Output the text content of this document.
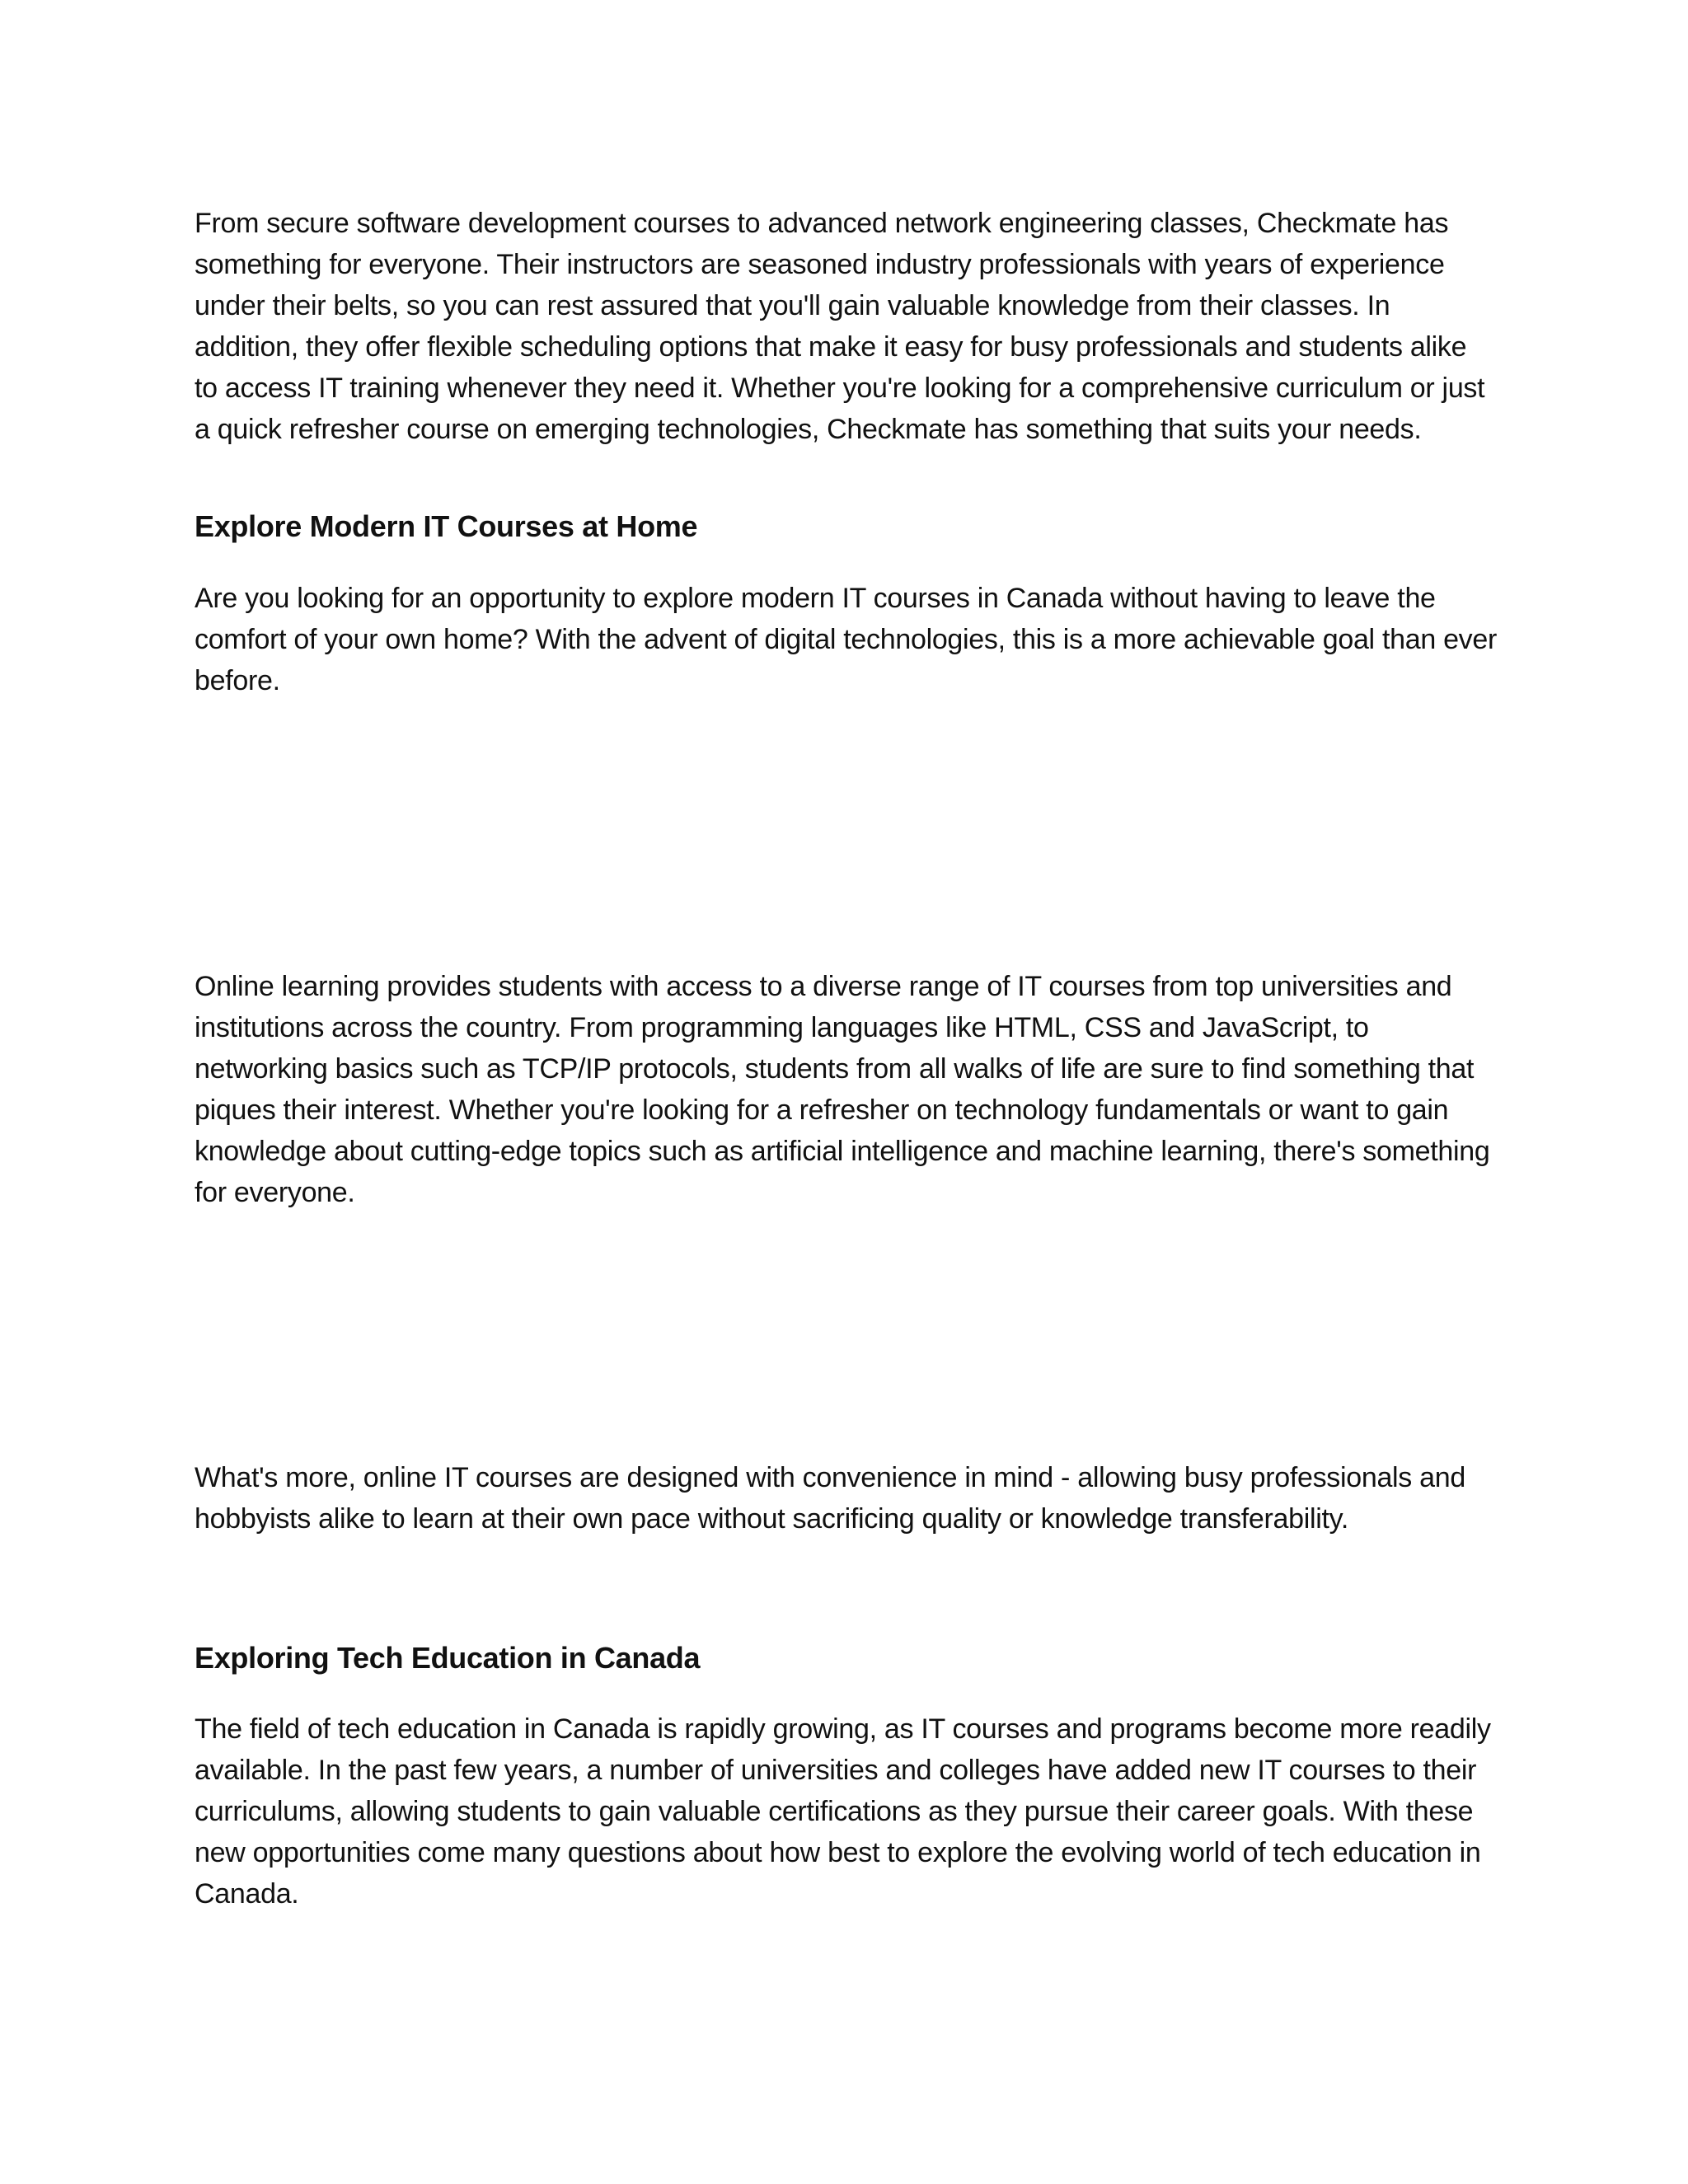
From secure software development courses to advanced network engineering classes, Checkmate has something for everyone. Their instructors are seasoned industry professionals with years of experience under their belts, so you can rest assured that you'll gain valuable knowledge from their classes. In addition, they offer flexible scheduling options that make it easy for busy professionals and students alike to access IT training whenever they need it. Whether you're looking for a comprehensive curriculum or just a quick refresher course on emerging technologies, Checkmate has something that suits your needs.

Explore Modern IT Courses at Home

Are you looking for an opportunity to explore modern IT courses in Canada without having to leave the comfort of your own home? With the advent of digital technologies, this is a more achievable goal than ever before.

Online learning provides students with access to a diverse range of IT courses from top universities and institutions across the country. From programming languages like HTML, CSS and JavaScript, to networking basics such as TCP/IP protocols, students from all walks of life are sure to find something that piques their interest. Whether you're looking for a refresher on technology fundamentals or want to gain knowledge about cutting-edge topics such as artificial intelligence and machine learning, there's something for everyone.

What's more, online IT courses are designed with convenience in mind - allowing busy professionals and hobbyists alike to learn at their own pace without sacrificing quality or knowledge transferability.

Exploring Tech Education in Canada

The field of tech education in Canada is rapidly growing, as IT courses and programs become more readily available. In the past few years, a number of universities and colleges have added new IT courses to their curriculums, allowing students to gain valuable certifications as they pursue their career goals. With these new opportunities come many questions about how best to explore the evolving world of tech education in Canada.
